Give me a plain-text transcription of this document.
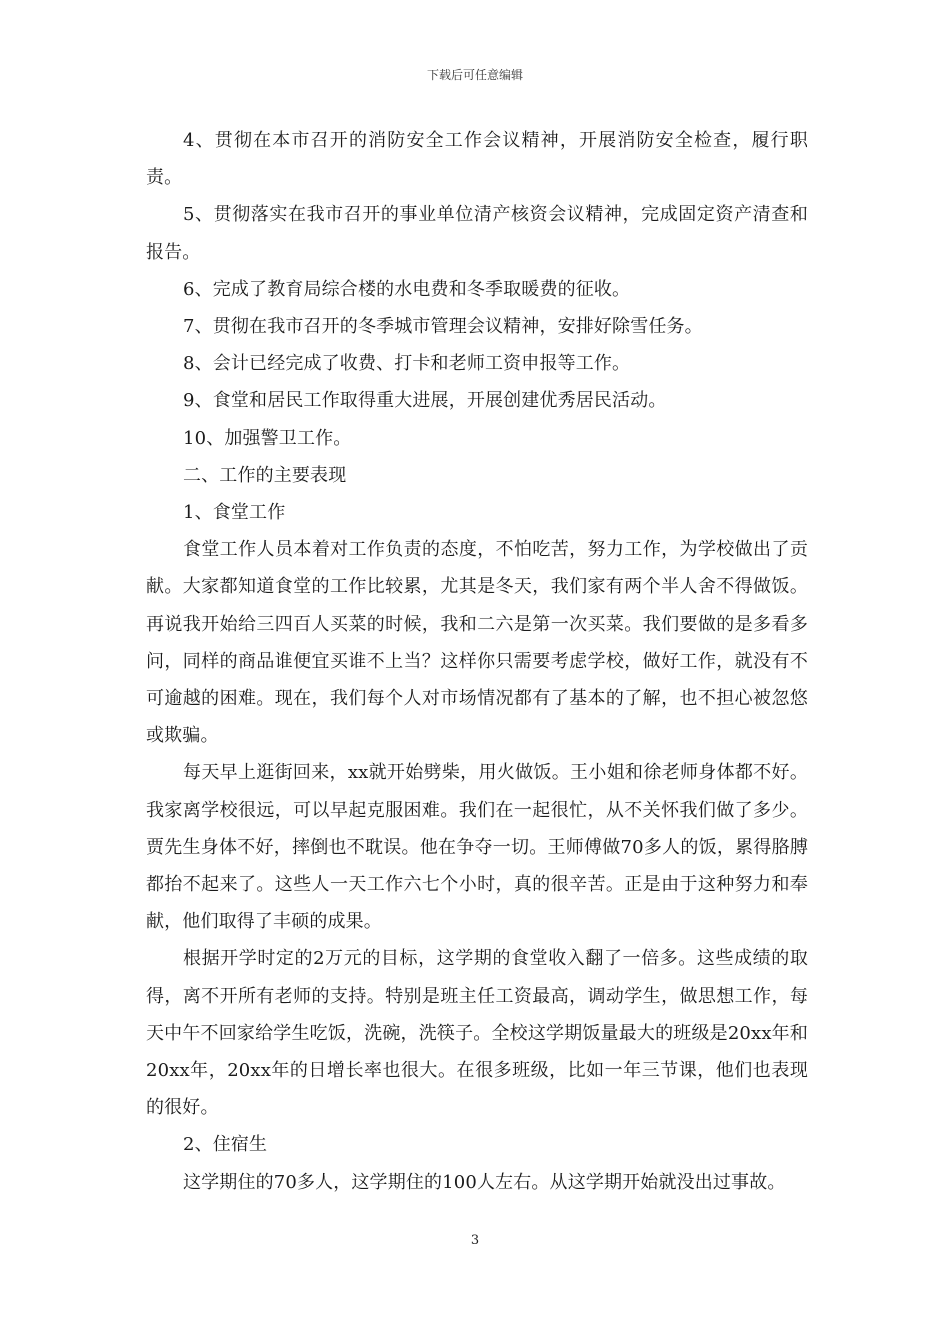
下载后可任意编辑

4、贯彻在本市召开的消防安全工作会议精神，开展消防安全检查，履行职责。

5、贯彻落实在我市召开的事业单位清产核资会议精神，完成固定资产清查和报告。

6、完成了教育局综合楼的水电费和冬季取暖费的征收。

7、贯彻在我市召开的冬季城市管理会议精神，安排好除雪任务。

8、会计已经完成了收费、打卡和老师工资申报等工作。

9、食堂和居民工作取得重大进展，开展创建优秀居民活动。

10、加强警卫工作。

二、工作的主要表现

1、食堂工作

食堂工作人员本着对工作负责的态度，不怕吃苦，努力工作，为学校做出了贡献。大家都知道食堂的工作比较累，尤其是冬天，我们家有两个半人舍不得做饭。再说我开始给三四百人买菜的时候，我和二六是第一次买菜。我们要做的是多看多问，同样的商品谁便宜买谁不上当？这样你只需要考虑学校，做好工作，就没有不可逾越的困难。现在，我们每个人对市场情况都有了基本的了解，也不担心被忽悠或欺骗。

每天早上逛街回来，xx就开始劈柴，用火做饭。王小姐和徐老师身体都不好。我家离学校很远，可以早起克服困难。我们在一起很忙，从不关怀我们做了多少。贾先生身体不好，摔倒也不耽误。他在争夺一切。王师傅做70多人的饭，累得胳膊都抬不起来了。这些人一天工作六七个小时，真的很辛苦。正是由于这种努力和奉献，他们取得了丰硕的成果。

根据开学时定的2万元的目标，这学期的食堂收入翻了一倍多。这些成绩的取得，离不开所有老师的支持。特别是班主任工资最高，调动学生，做思想工作，每天中午不回家给学生吃饭，洗碗，洗筷子。全校这学期饭量最大的班级是20xx年和20xx年，20xx年的日增长率也很大。在很多班级，比如一年三节课，他们也表现的很好。

2、住宿生

这学期住的70多人，这学期住的100人左右。从这学期开始就没出过事故。

3
